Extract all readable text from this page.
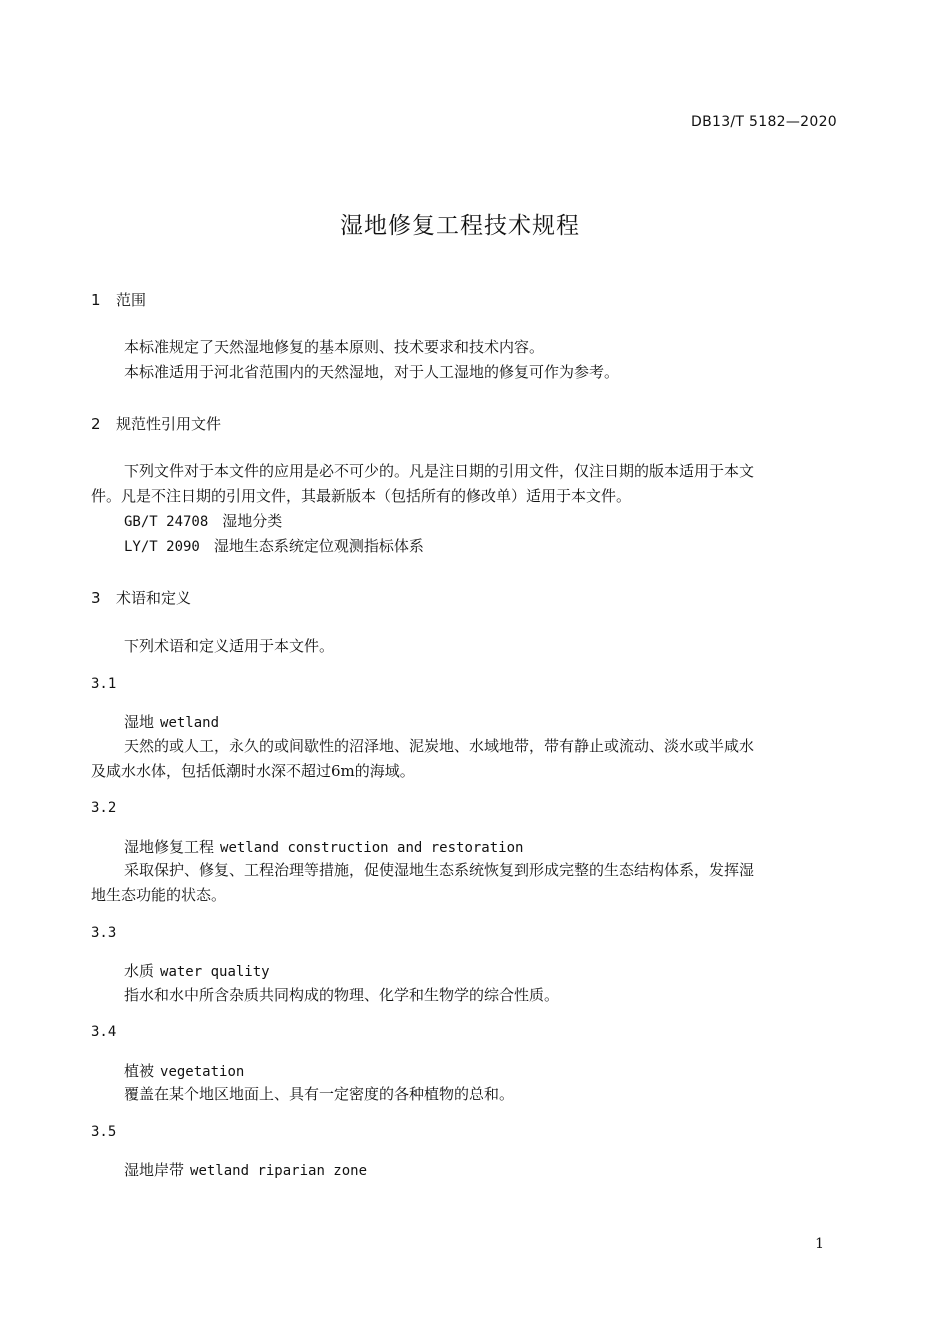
DB13/T 5182—2020
湿地修复工程技术规程
1 范围
本标准规定了天然湿地修复的基本原则、技术要求和技术内容。
本标准适用于河北省范围内的天然湿地，对于人工湿地的修复可作为参考。
2 规范性引用文件
下列文件对于本文件的应用是必不可少的。凡是注日期的引用文件，仅注日期的版本适用于本文
件。凡是不注日期的引用文件，其最新版本（包括所有的修改单）适用于本文件。
GB/T 24708 湿地分类
LY/T 2090 湿地生态系统定位观测指标体系
3 术语和定义
下列术语和定义适用于本文件。
3.1
湿地 wetland
天然的或人工，永久的或间歇性的沼泽地、泥炭地、水域地带，带有静止或流动、淡水或半咸水
及咸水水体，包括低潮时水深不超过6m的海域。
3.2
湿地修复工程 wetland construction and restoration
采取保护、修复、工程治理等措施，促使湿地生态系统恢复到形成完整的生态结构体系，发挥湿
地生态功能的状态。
3.3
水质 water quality
指水和水中所含杂质共同构成的物理、化学和生物学的综合性质。
3.4
植被 vegetation
覆盖在某个地区地面上、具有一定密度的各种植物的总和。
3.5
湿地岸带 wetland riparian zone
1
